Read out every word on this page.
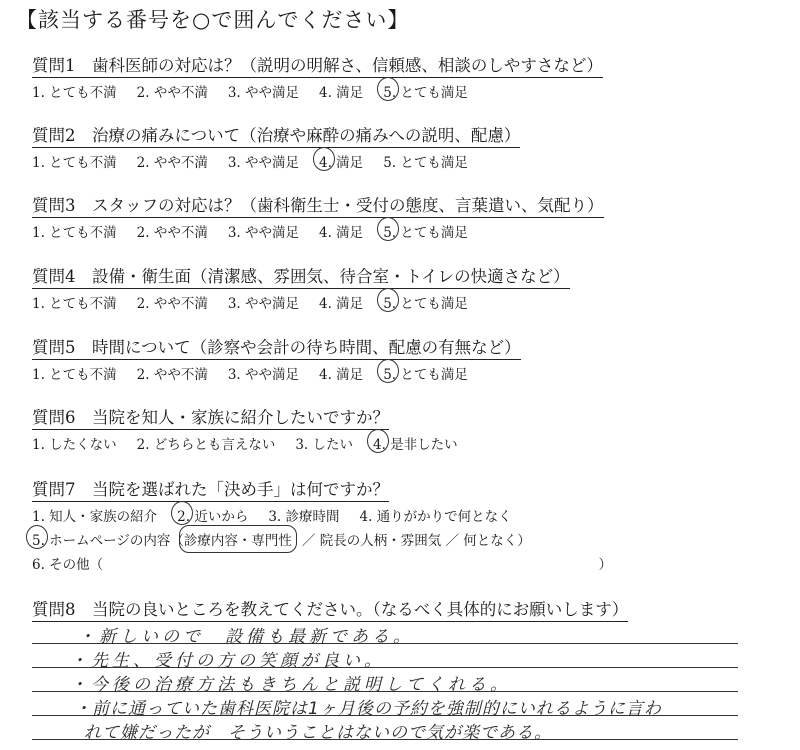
【該当する番号を○で囲んでください】
質問1　歯科医師の対応は？（説明の明解さ、信頼感、相談のしやすさなど）
1. とても不満 2. やや不満 3. やや満足 4. 満足 5. とても満足
質問2　治療の痛みについて（治療や麻酔の痛みへの説明、配慮）
1. とても不満 2. やや不満 3. やや満足 4. 満足 5. とても満足
質問3　スタッフの対応は？（歯科衛生士・受付の態度、言葉遣い、気配り）
1. とても不満 2. やや不満 3. やや満足 4. 満足 5. とても満足
質問4　設備・衛生面（清潔感、雰囲気、待合室・トイレの快適さなど）
1. とても不満 2. やや不満 3. やや満足 4. 満足 5. とても満足
質問5　時間について（診察や会計の待ち時間、配慮の有無など）
1. とても不満 2. やや不満 3. やや満足 4. 満足 5. とても満足
質問6　当院を知人・家族に紹介したいですか？
1. したくない 2. どちらとも言えない 3. したい 4. 是非したい
質問7　当院を選ばれた「決め手」は何ですか？
1. 知人・家族の紹介 2. 近いから 3. 診療時間 4. 通りがかりで何となく
5. ホームページの内容（診療内容・専門性 ／ 院長の人柄・雰囲気 ／ 何となく）
6. その他（	）
質問8　当院の良いところを教えてください。（なるべく具体的にお願いします）
・新しいので　設備も最新である。
・先生、受付の方の笑顔が良い。
・今後の治療方法もきちんと説明してくれる。
・前に通っていた歯科医院は1ヶ月後の予約を強制的にいれるように言わ
れて嫌だったが　そういうことはないので気が楽である。
